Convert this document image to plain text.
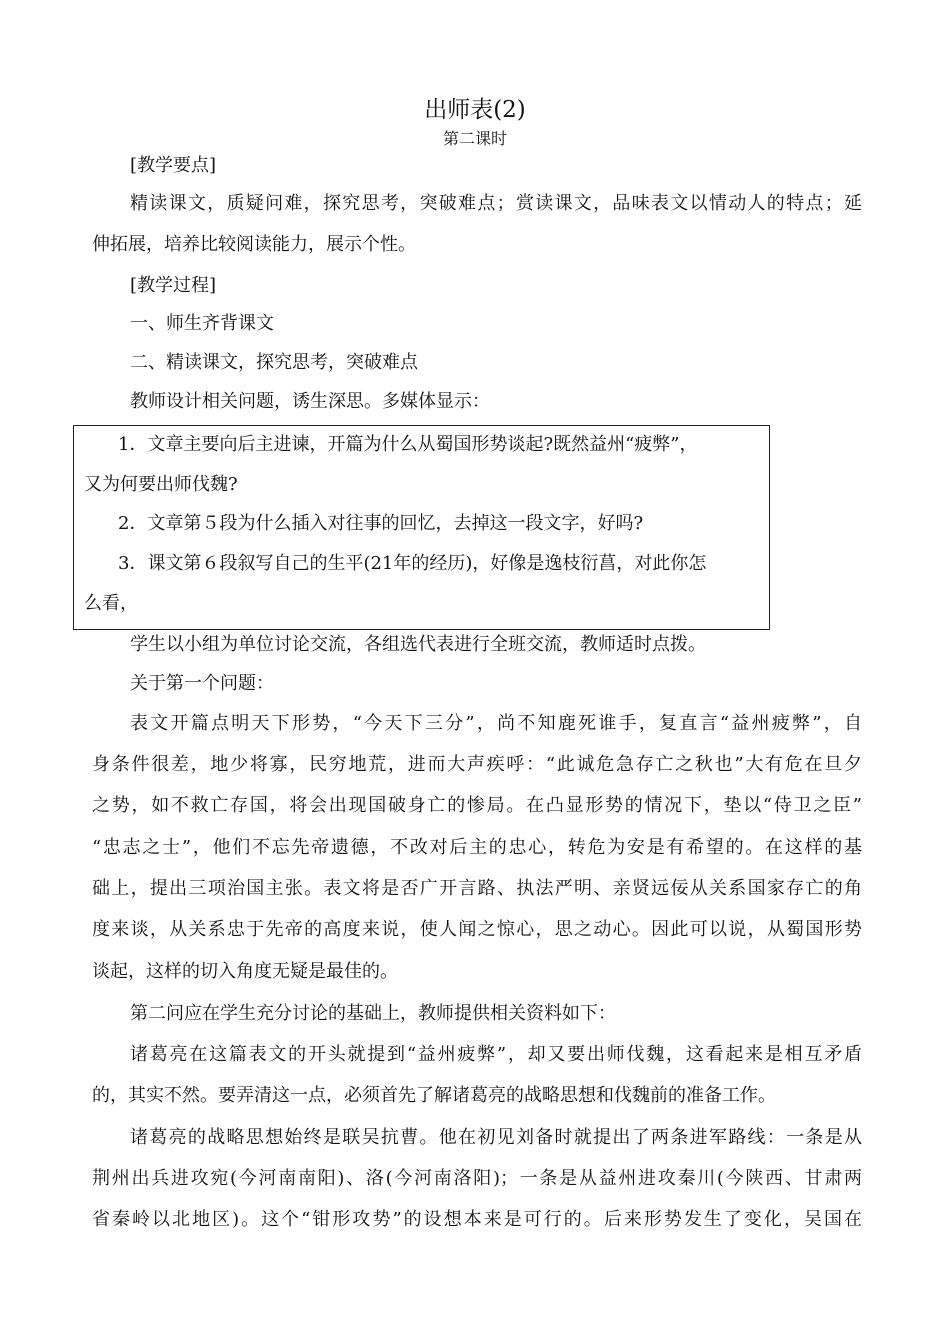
出师表(2)
第二课时
[教学要点]
精读课文，质疑问难，探究思考，突破难点；赏读课文，品味表文以情动人的特点；延
伸拓展，培养比较阅读能力，展示个性。
[教学过程]
一、师生齐背课文
二、精读课文，探究思考，突破难点
教师设计相关问题，诱生深思。多媒体显示：
1．文章主要向后主进谏，开篇为什么从蜀国形势谈起?既然益州“疲弊”，
又为何要出师伐魏?
2．文章第５段为什么插入对往事的回忆，去掉这一段文字，好吗?
3．课文第６段叙写自己的生平(21年的经历)，好像是逸枝衍菖，对此你怎
么看，
学生以小组为单位讨论交流，各组选代表进行全班交流，教师适时点拨。
关于第一个问题：
表文开篇点明天下形势，“今天下三分”，尚不知鹿死谁手，复直言“益州疲弊”，自
身条件很差，地少将寡，民穷地荒，进而大声疾呼：“此诚危急存亡之秋也”大有危在旦夕
之势，如不救亡存国，将会出现国破身亡的惨局。在凸显形势的情况下，垫以“侍卫之臣”
“忠志之士”，他们不忘先帝遗德，不改对后主的忠心，转危为安是有希望的。在这样的基
础上，提出三项治国主张。表文将是否广开言路、执法严明、亲贤远佞从关系国家存亡的角
度来谈，从关系忠于先帝的高度来说，使人闻之惊心，思之动心。因此可以说，从蜀国形势
谈起，这样的切入角度无疑是最佳的。
第二问应在学生充分讨论的基础上，教师提供相关资料如下：
诸葛亮在这篇表文的开头就提到“益州疲弊”，却又要出师伐魏，这看起来是相互矛盾
的，其实不然。要弄清这一点，必须首先了解诸葛亮的战略思想和伐魏前的准备工作。
诸葛亮的战略思想始终是联吴抗曹。他在初见刘备时就提出了两条进军路线：一条是从
荆州出兵进攻宛(今河南南阳)、洛(今河南洛阳)；一条是从益州进攻秦川(今陕西、甘肃两
省秦岭以北地区)。这个“钳形攻势”的设想本来是可行的。后来形势发生了变化，吴国在
